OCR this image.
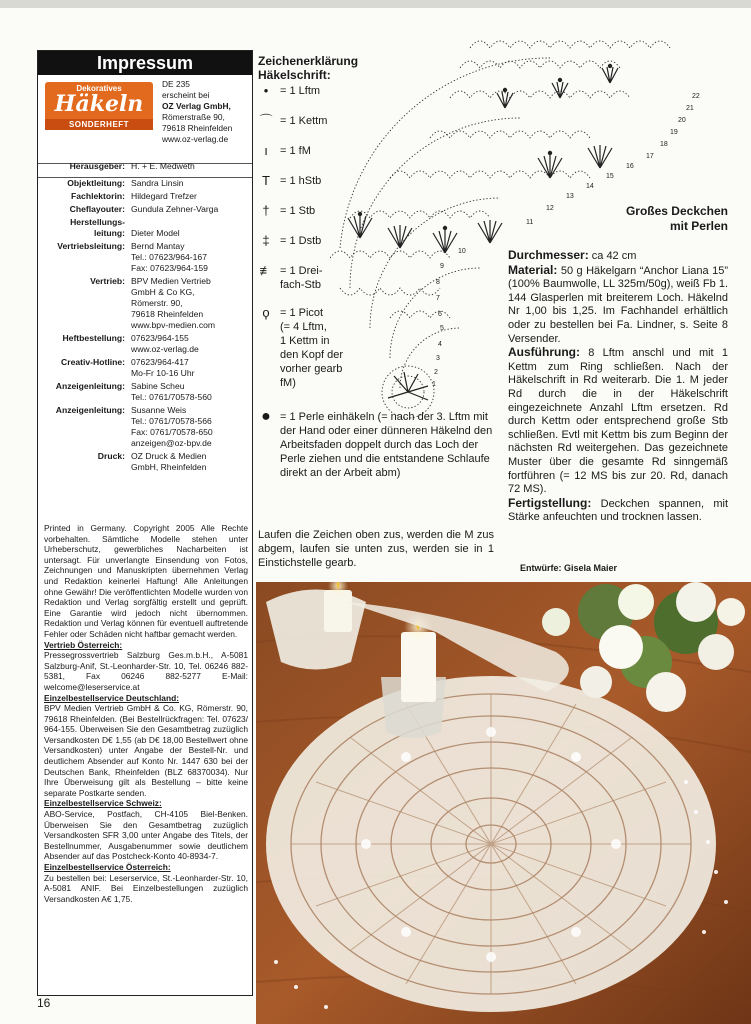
Impressum
Dekoratives
Häkeln
SONDERHEFT
DE 235
erscheint bei
OZ Verlag GmbH,
Römerstraße 90,
79618 Rheinfelden
www.oz-verlag.de
Herausgeber: H. + E. Medweth
Objektleitung: Sandra Linsin
Fachlektorin: Hildegard Trefzer
Cheflayouter: Gundula Zehner-Varga
Herstellungs-
leitung:
Dieter Model
Vertriebsleitung: Bernd Mantay
Tel.: 07623/964-167
Fax: 07623/964-159
Vertrieb: BPV Medien Vertrieb
GmbH & Co KG,
Römerstr. 90,
79618 Rheinfelden
www.bpv-medien.com
Heftbestellung: 07623/964-155
www.oz-verlag.de
Creativ-Hotline: 07623/964-417
Mo-Fr 10-16 Uhr
Anzeigenleitung: Sabine Scheu
Tel.: 0761/70578-560
Anzeigenleitung: Susanne Weis
Tel.: 0761/70578-566
Fax: 0761/70578-650
anzeigen@oz-bpv.de
Druck: OZ Druck & Medien
GmbH, Rheinfelden

Printed in Germany. Copyright 2005 Alle Rechte vorbehalten. Sämtliche Modelle stehen unter Urheberschutz, gewerbliches Nacharbeiten ist untersagt. Für unverlangte Einsendung von Fotos, Zeichnungen und Manuskripten übernehmen Verlag und Redaktion keinerlei Haftung! Alle Anleitungen ohne Gewähr! Die veröffentlichten Modelle wurden von Redaktion und Verlag sorgfältig erstellt und geprüft. Eine Garantie wird jedoch nicht übernommen. Redaktion und Verlag können für eventuell auftretende Fehler oder Schäden nicht haftbar gemacht werden.

Vertrieb Österreich:

Pressegrossvertrieb Salzburg Ges.m.b.H., A-5081 Salzburg-Anif, St.-Leonharder-Str. 10, Tel. 06246 882-5381, Fax 06246 882-5277 E-Mail: welcome@leserservice.at

Einzelbestellservice Deutschland:

BPV Medien Vertrieb GmbH & Co. KG, Römerstr. 90, 79618 Rheinfelden. (Bei Bestellrückfragen: Tel. 07623/ 964-155. Überweisen Sie den Gesamtbetrag zuzüglich Versandkosten D€ 1,55 (ab D€ 18,00 Bestellwert ohne Versandkosten) unter Angabe der Bestell-Nr. und deutlichem Absender auf Konto Nr. 1447 630 bei der Deutschen Bank, Rheinfelden (BLZ 68370034). Nur Ihre Überweisung gilt als Bestellung – bitte keine separate Postkarte senden.

Einzelbestellservice Schweiz:

ABO-Service, Postfach, CH-4105 Biel-Benken. Überweisen Sie den Gesamtbetrag zuzüglich Versandkosten SFR 3,00 unter Angabe des Titels, der Bestellnummer, Ausgabenummer sowie deutlichem Absender auf das Postcheck-Konto 40-8934-7.

Einzelbestellservice Österreich:

Zu bestellen bei: Leserservice, St.-Leonharder-Str. 10, A-5081 ANIF. Bei Einzelbestellungen zuzüglich Versandkosten A€ 1,75.

16
Zeichenerklärung
Häkelschrift:
•	= 1 Lftm
⌒ = 1 Kettm
ı	= 1 fM
T = 1 hStb
† = 1 Stb
‡ = 1 Dstb
≢ = 1 Drei-
fach-Stb
ϙ = 1 Picot
(= 4 Lftm,
1 Kettm in
den Kopf der
vorher gearb
fM)
● = 1 Perle einhäkeln (= nach der 3. Lftm mit der Hand oder einer dünneren Häkelnd den Arbeitsfaden doppelt durch das Loch der Perle ziehen und die entstandene Schlaufe direkt an der Arbeit abm)
Laufen die Zeichen oben zus, werden die M zus abgem, laufen sie unten zus, werden sie in 1 Einstichstelle gearb.
10
9
8
7
6
5
4
3
2
1
11
12
13
14
15
16
17
18
19
20
21
22
Großes Deckchen
mit Perlen

Durchmesser: ca 42 cm

Material: 50 g Häkelgarn “Anchor Liana 15” (100% Baumwolle, LL 325m/50g), weiß Fb 1. 144 Glasperlen mit breiterem Loch. Häkelnd Nr 1,00 bis 1,25. Im Fachhandel erhältlich oder zu bestellen bei Fa. Lindner, s. Seite 8 Versender.

Ausführung: 8 Lftm anschl und mit 1 Kettm zum Ring schließen. Nach der Häkelschrift in Rd weiterarb. Die 1. M jeder Rd durch die in der Häkelschrift eingezeichnete Anzahl Lftm ersetzen. Rd durch Kettm oder entsprechend große Stb schließen. Evtl mit Kettm bis zum Beginn der nächsten Rd weitergehen. Das gezeichnete Muster über die gesamte Rd sinngemäß fortführen (= 12 MS bis zur 20. Rd, danach 72 MS).

Fertigstellung: Deckchen spannen, mit Stärke anfeuchten und trocknen lassen.

Entwürfe: Gisela Maier
